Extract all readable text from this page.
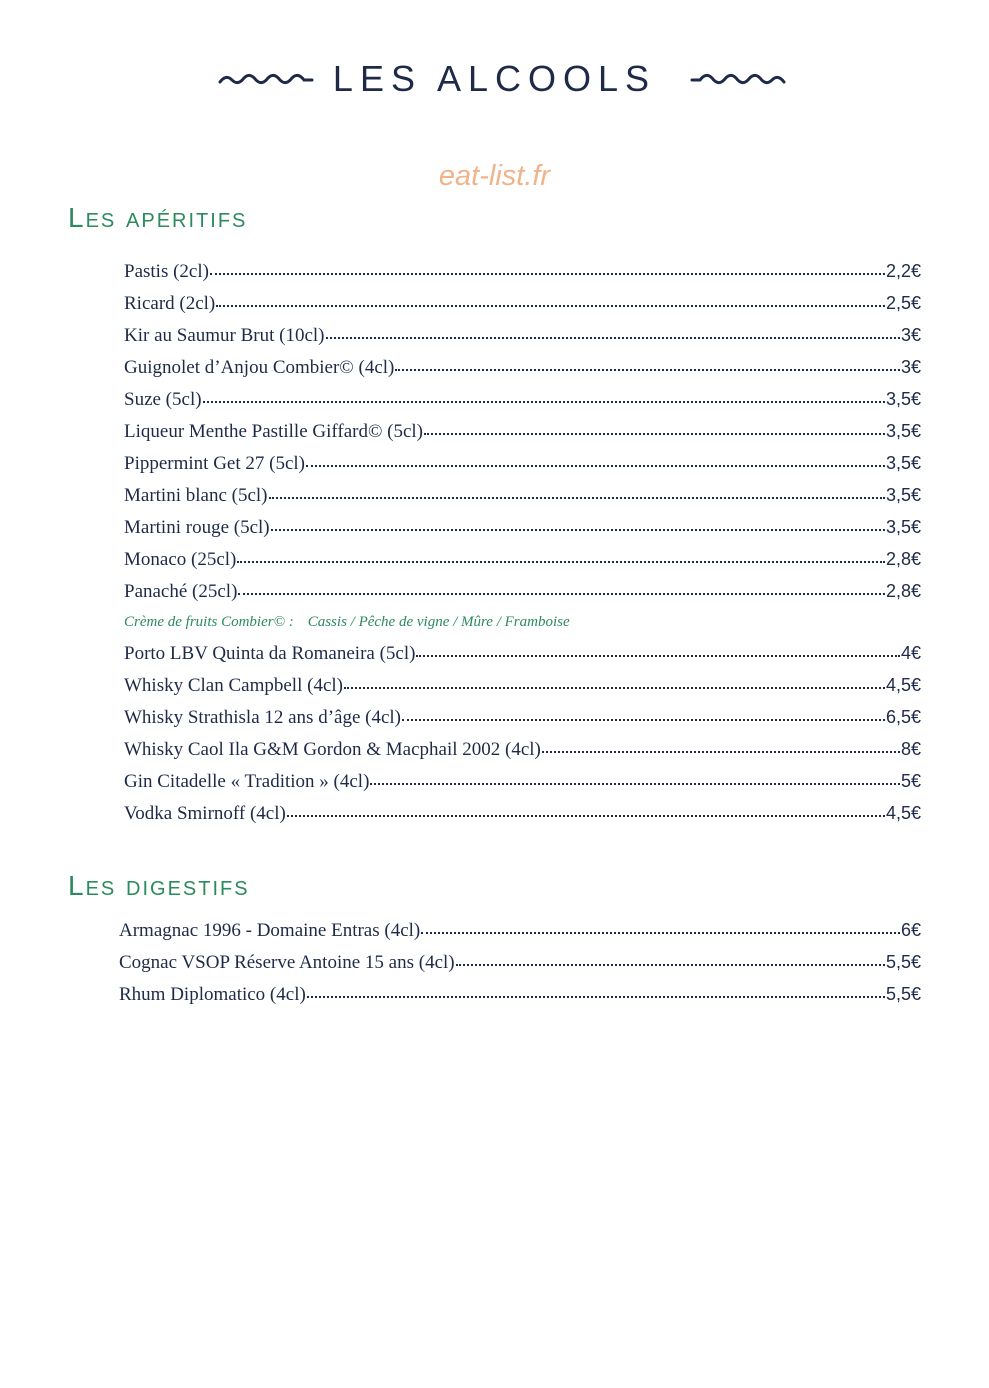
LES ALCOOLS
eat-list.fr
Les apéritifs
Pastis (2cl)	2,2€
Ricard (2cl)	2,5€
Kir au Saumur Brut (10cl)	3€
Guignolet d’Anjou Combier© (4cl)	3€
Suze (5cl)	3,5€
Liqueur Menthe Pastille Giffard© (5cl)	3,5€
Pippermint Get 27 (5cl)	3,5€
Martini blanc (5cl)	3,5€
Martini rouge (5cl)	3,5€
Monaco (25cl)	2,8€
Panaché (25cl)	2,8€
Crème de fruits Combier© : Cassis / Pêche de vigne / Mûre / Framboise
Porto LBV Quinta da Romaneira (5cl)	4€
Whisky Clan Campbell (4cl)	4,5€
Whisky Strathisla 12 ans d’âge (4cl)	6,5€
Whisky Caol Ila G&M Gordon & Macphail 2002 (4cl)	8€
Gin Citadelle « Tradition » (4cl)	5€
Vodka Smirnoff (4cl)	4,5€
Les digestifs
Armagnac 1996 - Domaine Entras (4cl)	6€
Cognac VSOP Réserve Antoine 15 ans (4cl)	5,5€
Rhum Diplomatico (4cl)	5,5€
